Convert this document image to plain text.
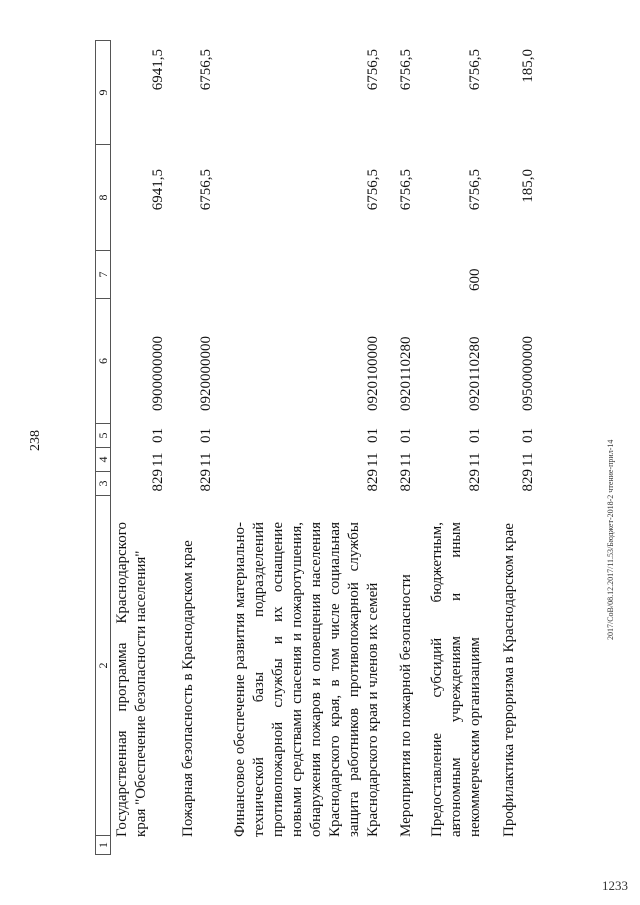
238	2017/СоВ/08.12.2017/11.53/Бюджет-2018-2 чтение-прил-14
1233
1
2
3
4
5
6
7
8
9
Государственная программа Краснодарского края "Обеспечение безопасности населения"
829
11
01
0900000000
6941,5
6941,5
Пожарная безопасность в Краснодарском крае
829
11
01
0920000000
6756,5
6756,5
Финансовое обеспечение развития материально-технической базы подразделений противопожарной службы и их оснащение новыми средствами спасения и пожаротушения, обнаружения пожаров и оповещения населения Краснодарского края, в том числе социальная защита работников противопожарной службы Краснодарского края и членов их семей
829
11
01
0920100000
6756,5
6756,5
Мероприятия по пожарной безопасности
829
11
01
0920110280
6756,5
6756,5
Предоставление субсидий бюджетным, автономным учреждениям и иным некоммерческим организациям
829
11
01
0920110280
600
6756,5
6756,5
Профилактика терроризма в Краснодарском крае
829
11
01
0950000000
185,0
185,0
